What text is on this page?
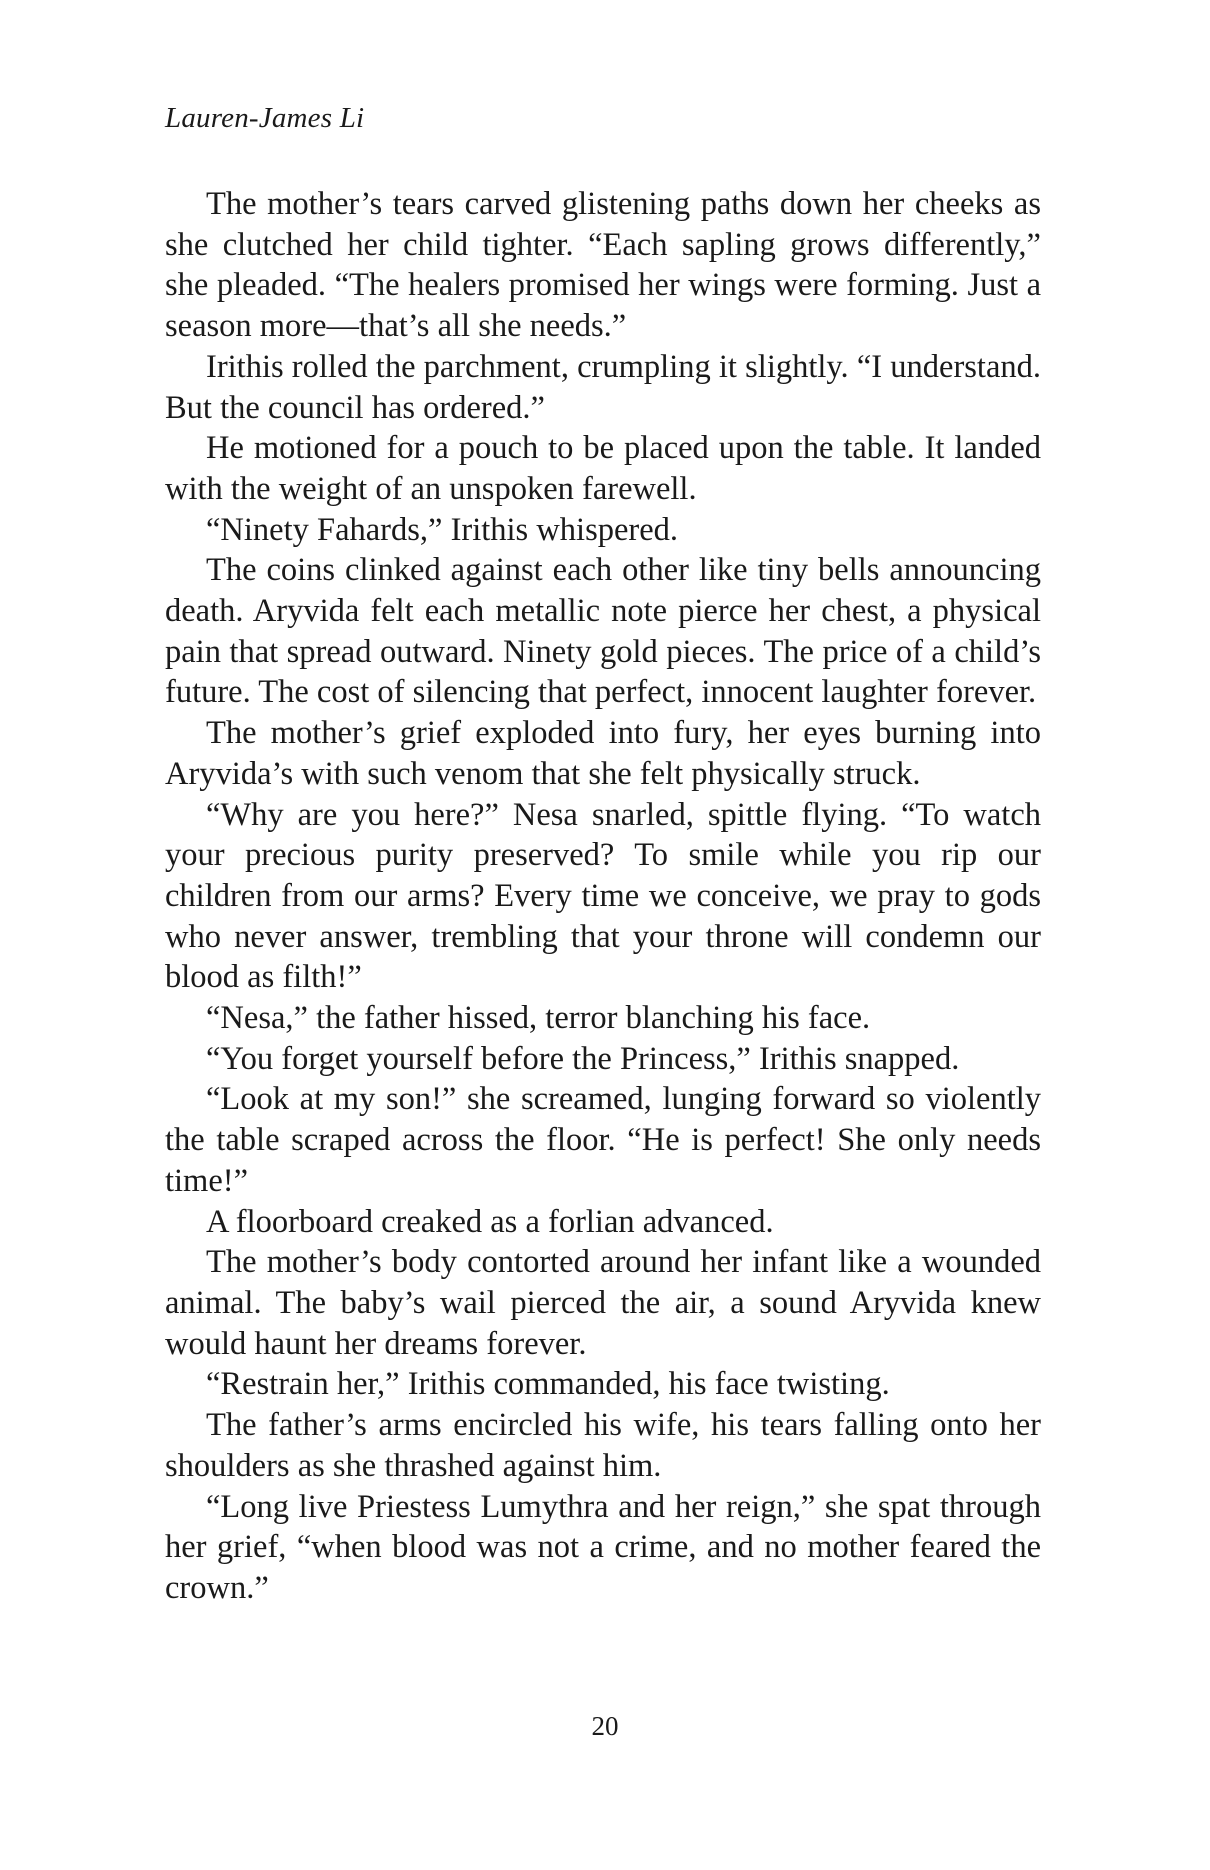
Lauren-James Li

The mother’s tears carved glistening paths down her cheeks as she clutched her child tighter. “Each sapling grows differently,” she pleaded. “The healers promised her wings were forming. Just a season more—that’s all she needs.”

Irithis rolled the parchment, crumpling it slightly. “I understand. But the council has ordered.”

He motioned for a pouch to be placed upon the table. It landed with the weight of an unspoken farewell.

“Ninety Fahards,” Irithis whispered.

The coins clinked against each other like tiny bells announcing death. Aryvida felt each metallic note pierce her chest, a physical pain that spread outward. Ninety gold pieces. The price of a child’s future. The cost of silencing that perfect, innocent laughter forever.

The mother’s grief exploded into fury, her eyes burning into Aryvida’s with such venom that she felt physically struck.

“Why are you here?” Nesa snarled, spittle flying. “To watch your precious purity preserved? To smile while you rip our children from our arms? Every time we conceive, we pray to gods who never answer, trembling that your throne will condemn our blood as filth!”

“Nesa,” the father hissed, terror blanching his face.

“You forget yourself before the Princess,” Irithis snapped.

“Look at my son!” she screamed, lunging forward so violently the table scraped across the floor. “He is perfect! She only needs time!”

A floorboard creaked as a forlian advanced.

The mother’s body contorted around her infant like a wounded animal. The baby’s wail pierced the air, a sound Aryvida knew would haunt her dreams forever.

“Restrain her,” Irithis commanded, his face twisting.

The father’s arms encircled his wife, his tears falling onto her shoulders as she thrashed against him.

“Long live Priestess Lumythra and her reign,” she spat through her grief, “when blood was not a crime, and no mother feared the crown.”

20
